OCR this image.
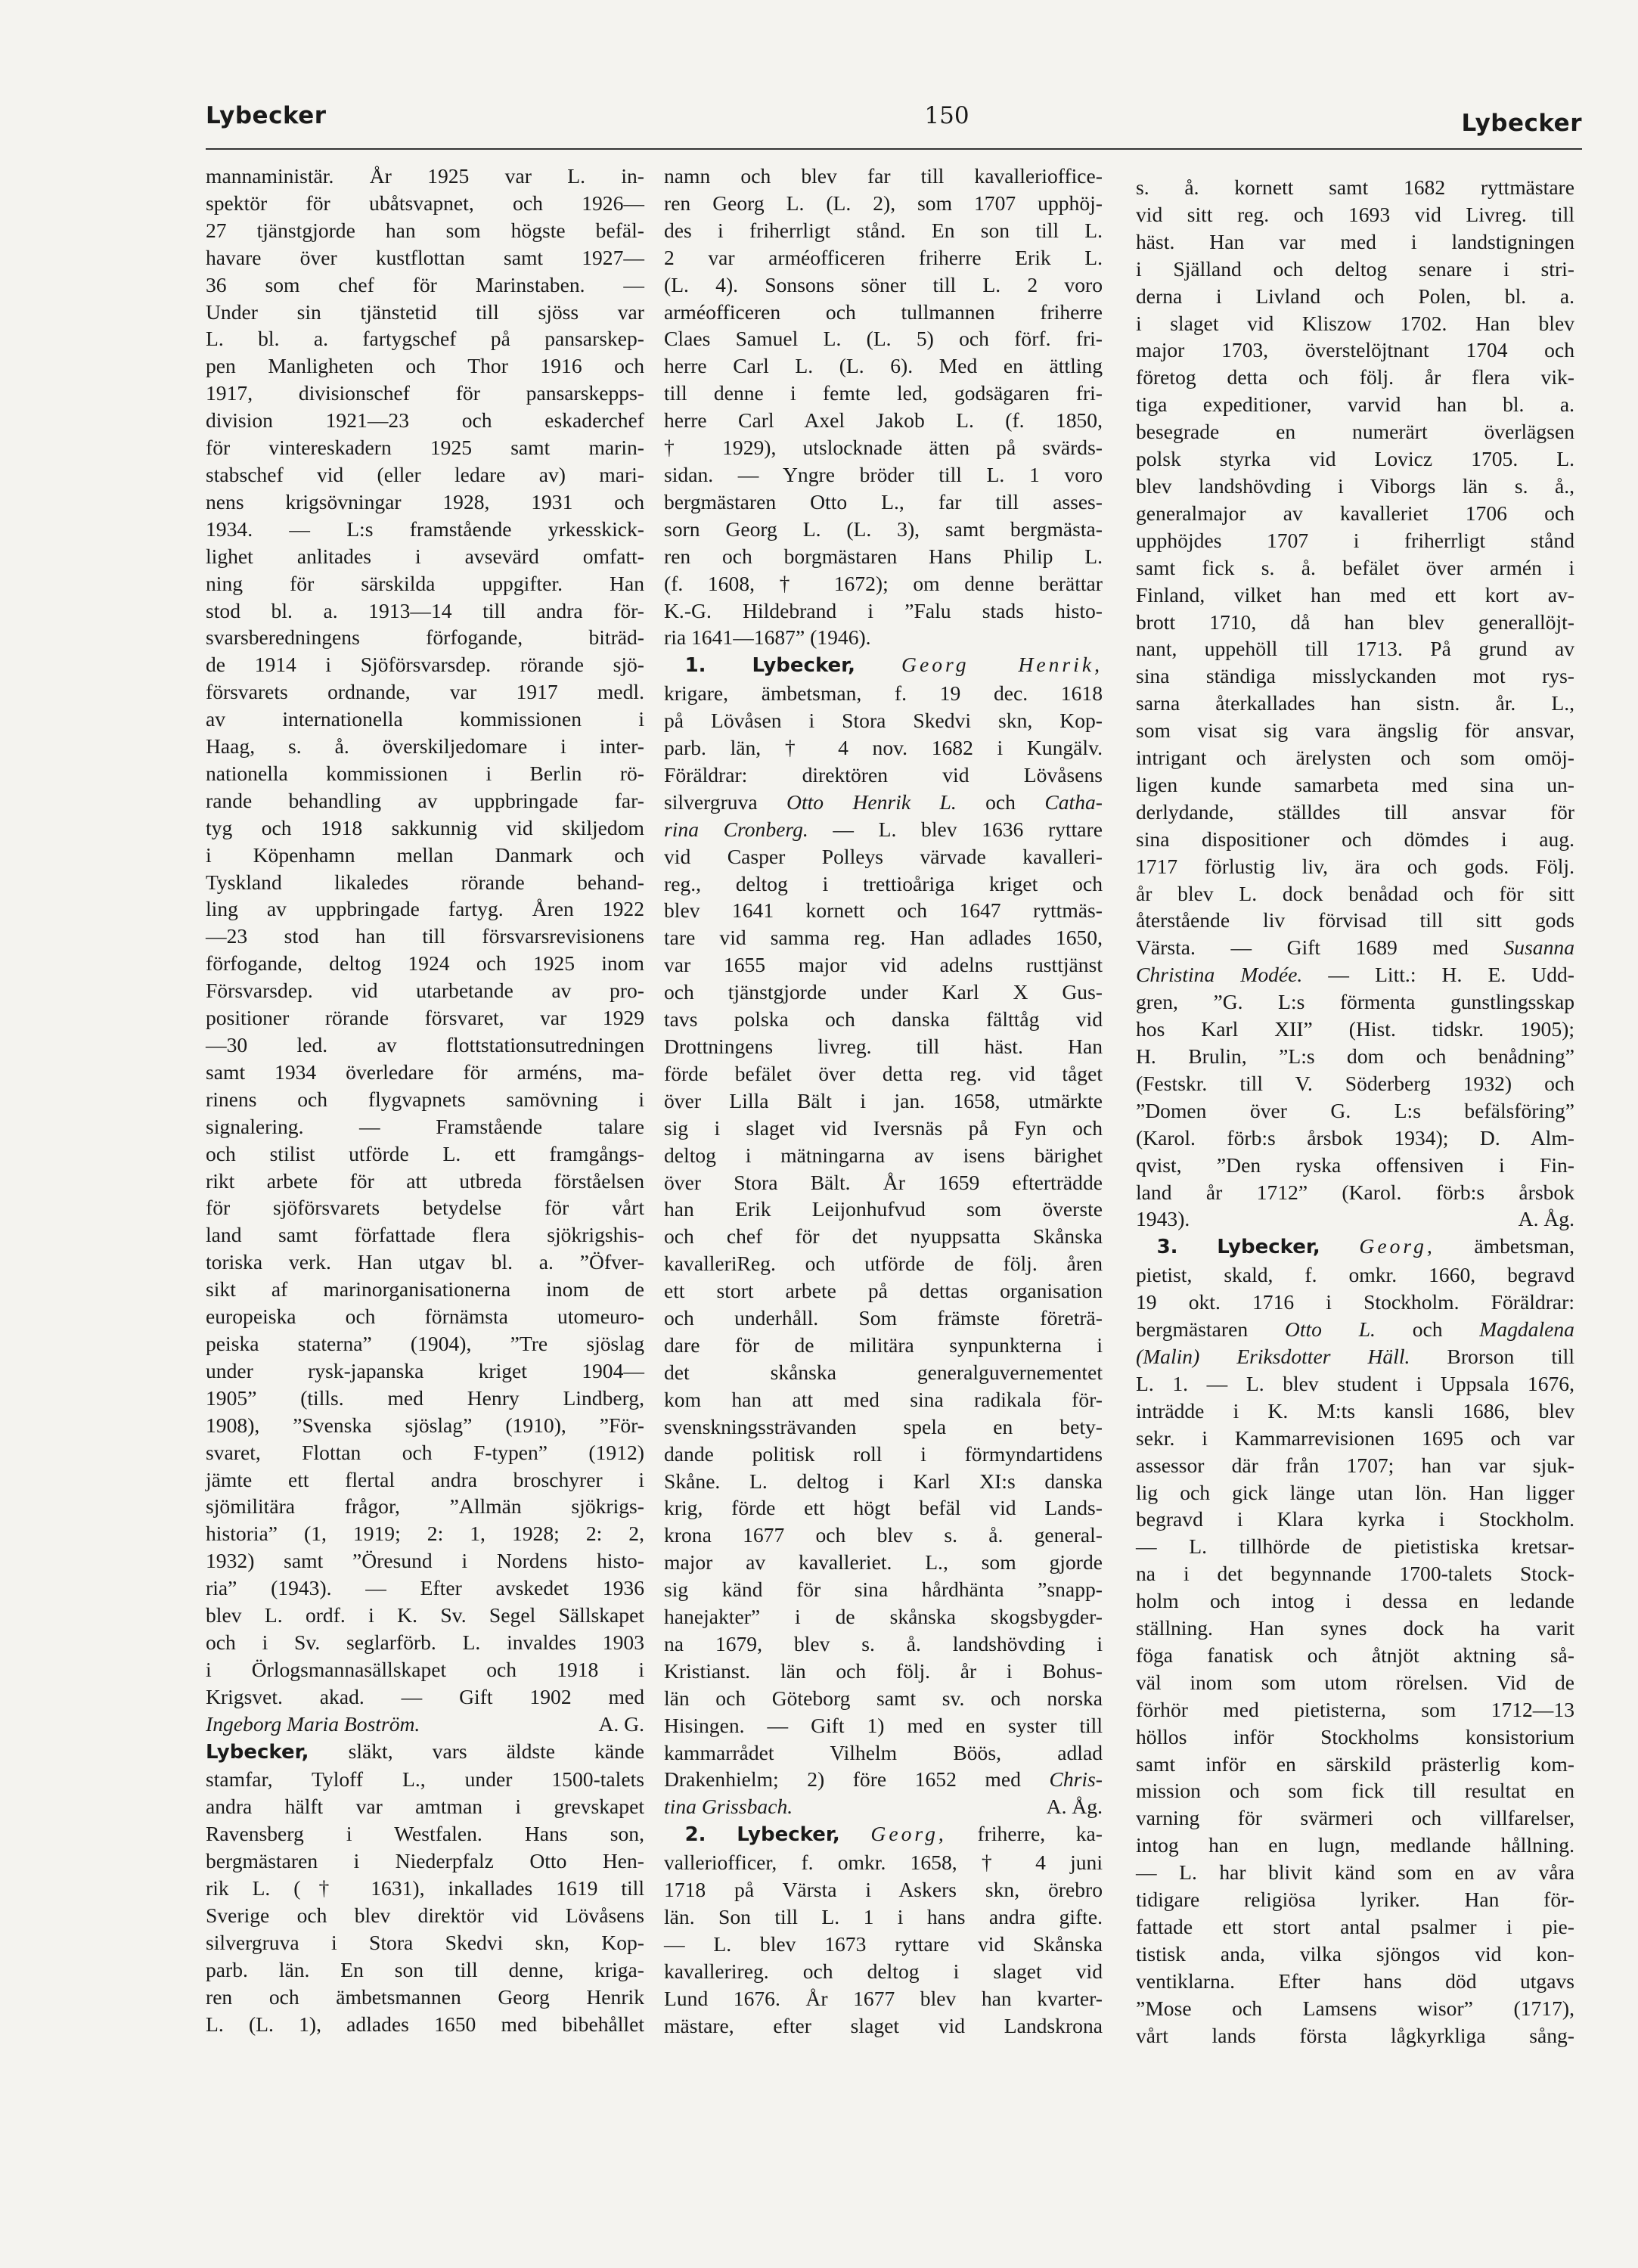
Lybecker	150	Lybecker
mannaministär. År 1925 var L. in-
spektör för ubåtsvapnet, och 1926—
27 tjänstgjorde han som högste befäl-
havare över kustflottan samt 1927—
36 som chef för Marinstaben. —
Under sin tjänstetid till sjöss var
L. bl. a. fartygschef på pansarskep-
pen Manligheten och Thor 1916 och
1917, divisionschef för pansarskepps-
division 1921—23 och eskaderchef
för vintereskadern 1925 samt marin-
stabschef vid (eller ledare av) mari-
nens krigsövningar 1928, 1931 och
1934. — L:s framstående yrkesskick-
lighet anlitades i avsevärd omfatt-
ning för särskilda uppgifter. Han
stod bl. a. 1913—14 till andra för-
svarsberedningens förfogande, biträd-
de 1914 i Sjöförsvarsdep. rörande sjö-
försvarets ordnande, var 1917 medl.
av internationella kommissionen i
Haag, s. å. överskiljedomare i inter-
nationella kommissionen i Berlin rö-
rande behandling av uppbringade far-
tyg och 1918 sakkunnig vid skiljedom
i Köpenhamn mellan Danmark och
Tyskland likaledes rörande behand-
ling av uppbringade fartyg. Åren 1922
—23 stod han till försvarsrevisionens
förfogande, deltog 1924 och 1925 inom
Försvarsdep. vid utarbetande av pro-
positioner rörande försvaret, var 1929
—30 led. av flottstationsutredningen
samt 1934 överledare för arméns, ma-
rinens och flygvapnets samövning i
signalering. — Framstående talare
och stilist utförde L. ett framgångs-
rikt arbete för att utbreda förståelsen
för sjöförsvarets betydelse för vårt
land samt författade flera sjökrigshis-
toriska verk. Han utgav bl. a. ”Öfver-
sikt af marinorganisationerna inom de
europeiska och förnämsta utomeuro-
peiska staterna” (1904), ”Tre sjöslag
under rysk-japanska kriget 1904—
1905” (tills. med Henry Lindberg,
1908), ”Svenska sjöslag” (1910), ”För-
svaret, Flottan och F-typen” (1912)
jämte ett flertal andra broschyrer i
sjömilitära frågor, ”Allmän sjökrigs-
historia” (1, 1919; 2: 1, 1928; 2: 2,
1932) samt ”Öresund i Nordens histo-
ria” (1943). — Efter avskedet 1936
blev L. ordf. i K. Sv. Segel Sällskapet
och i Sv. seglarförb. L. invaldes 1903
i Örlogsmannasällskapet och 1918 i
Krigsvet. akad. — Gift 1902 med
Ingeborg Maria Boström.	A. G.
Lybecker, släkt, vars äldste kände
stamfar, Tyloff L., under 1500-talets
andra hälft var amtman i grevskapet
Ravensberg i Westfalen. Hans son,
bergmästaren i Niederpfalz Otto Hen-
rik L. († 1631), inkallades 1619 till
Sverige och blev direktör vid Lövåsens
silvergruva i Stora Skedvi skn, Kop-
parb. län. En son till denne, kriga-
ren och ämbetsmannen Georg Henrik
L. (L. 1), adlades 1650 med bibehållet
namn och blev far till kavalleriofficе-
ren Georg L. (L. 2), som 1707 upphöj-
des i friherrligt stånd. En son till L.
2 var arméofficeren friherre Erik L.
(L. 4). Sonsons söner till L. 2 voro
arméofficeren och tullmannen friherre
Claes Samuel L. (L. 5) och förf. fri-
herre Carl L. (L. 6). Med en ättling
till denne i femte led, godsägaren fri-
herre Carl Axel Jakob L. (f. 1850,
† 1929), utslocknade ätten på svärds-
sidan. — Yngre bröder till L. 1 voro
bergmästaren Otto L., far till asses-
sorn Georg L. (L. 3), samt bergmästa-
ren och borgmästaren Hans Philip L.
(f. 1608, † 1672); om denne berättar
K.-G. Hildebrand i ”Falu stads histo-
ria 1641—1687” (1946).
 1. Lybecker, Georg Henrik,
krigare, ämbetsman, f. 19 dec. 1618
på Lövåsen i Stora Skedvi skn, Kop-
parb. län, † 4 nov. 1682 i Kungälv.
Föräldrar: direktören vid Lövåsens
silvergruva Otto Henrik L. och Catha-
rina Cronberg. — L. blev 1636 ryttare
vid Casper Polleys värvade kavalleri-
reg., deltog i trettioåriga kriget och
blev 1641 kornett och 1647 ryttmäs-
tare vid samma reg. Han adlades 1650,
var 1655 major vid adelns rusttjänst
och tjänstgjorde under Karl X Gus-
tavs polska och danska fälttåg vid
Drottningens livreg. till häst. Han
förde befälet över detta reg. vid tåget
över Lilla Bält i jan. 1658, utmärkte
sig i slaget vid Iversnäs på Fyn och
deltog i mätningarna av isens bärighet
över Stora Bält. År 1659 efterträdde
han Erik Leijonhufvud som överste
och chef för det nyuppsatta Skånska
kavalleriReg. och utförde de följ. åren
ett stort arbete på dettas organisation
och underhåll. Som främste företrä-
dare för de militära synpunkterna i
det skånska generalguvernementet
kom han att med sina radikala för-
svenskningssträvanden spela en bety-
dande politisk roll i förmyndartidens
Skåne. L. deltog i Karl XI:s danska
krig, förde ett högt befäl vid Lands-
krona 1677 och blev s. å. general-
major av kavalleriet. L., som gjorde
sig känd för sina hårdhänta ”snapp-
hanejakter” i de skånska skogsbygder-
na 1679, blev s. å. landshövding i
Kristianst. län och följ. år i Bohus-
län och Göteborg samt sv. och norska
Hisingen. — Gift 1) med en syster till
kammarrådet Vilhelm Böös, adlad
Drakenhielm; 2) före 1652 med Chris-
tina Grissbach.	A. Åg.
 2. Lybecker, Georg, friherre, ka-
valleriofficer, f. omkr. 1658, † 4 juni
1718 på Värsta i Askers skn, örebro
län. Son till L. 1 i hans andra gifte.
— L. blev 1673 ryttare vid Skånska
kavallerireg. och deltog i slaget vid
Lund 1676. År 1677 blev han kvarter-
mästare, efter slaget vid Landskrona
s. å. kornett samt 1682 ryttmästare
vid sitt reg. och 1693 vid Livreg. till
häst. Han var med i landstigningen
i Själland och deltog senare i stri-
derna i Livland och Polen, bl. a.
i slaget vid Kliszow 1702. Han blev
major 1703, överstelöjtnant 1704 och
företog detta och följ. år flera vik-
tiga expeditioner, varvid han bl. a.
besegrade en numerärt överlägsen
polsk styrka vid Lovicz 1705. L.
blev landshövding i Viborgs län s. å.,
generalmajor av kavalleriet 1706 och
upphöjdes 1707 i friherrligt stånd
samt fick s. å. befälet över armén i
Finland, vilket han med ett kort av-
brott 1710, då han blev generallöjt-
nant, uppehöll till 1713. På grund av
sina ständiga misslyckanden mot rys-
sarna återkallades han sistn. år. L.,
som visat sig vara ängslig för ansvar,
intrigant och ärelysten och som omöj-
ligen kunde samarbeta med sina un-
derlydande, ställdes till ansvar för
sina dispositioner och dömdes i aug.
1717 förlustig liv, ära och gods. Följ.
år blev L. dock benådad och för sitt
återstående liv förvisad till sitt gods
Värsta. — Gift 1689 med Susanna
Christina Modée. — Litt.: H. E. Udd-
gren, ”G. L:s förmenta gunstlingsskap
hos Karl XII” (Hist. tidskr. 1905);
H. Brulin, ”L:s dom och benådning”
(Festskr. till V. Söderberg 1932) och
”Domen över G. L:s befälsföring”
(Karol. förb:s årsbok 1934); D. Alm-
qvist, ”Den ryska offensiven i Fin-
land år 1712” (Karol. förb:s årsbok
1943).	A. Åg.
 3. Lybecker, Georg, ämbetsman,
pietist, skald, f. omkr. 1660, begravd
19 okt. 1716 i Stockholm. Föräldrar:
bergmästaren Otto L. och Magdalena
(Malin) Eriksdotter Häll. Brorson till
L. 1. — L. blev student i Uppsala 1676,
inträdde i K. M:ts kansli 1686, blev
sekr. i Kammarrevisionen 1695 och var
assessor där från 1707; han var sjuk-
lig och gick länge utan lön. Han ligger
begravd i Klara kyrka i Stockholm.
— L. tillhörde de pietistiska kretsar-
na i det begynnande 1700-talets Stock-
holm och intog i dessa en ledande
ställning. Han synes dock ha varit
föga fanatisk och åtnjöt aktning så-
väl inom som utom rörelsen. Vid de
förhör med pietisterna, som 1712—13
höllos inför Stockholms konsistorium
samt inför en särskild prästerlig kom-
mission och som fick till resultat en
varning för svärmeri och villfarelser,
intog han en lugn, medlande hållning.
— L. har blivit känd som en av våra
tidigare religiösa lyriker. Han för-
fattade ett stort antal psalmer i pie-
tistisk anda, vilka sjöngos vid kon-
ventiklarna. Efter hans död utgavs
”Mose och Lamsens wisor” (1717),
vårt lands första lågkyrkliga sång-
